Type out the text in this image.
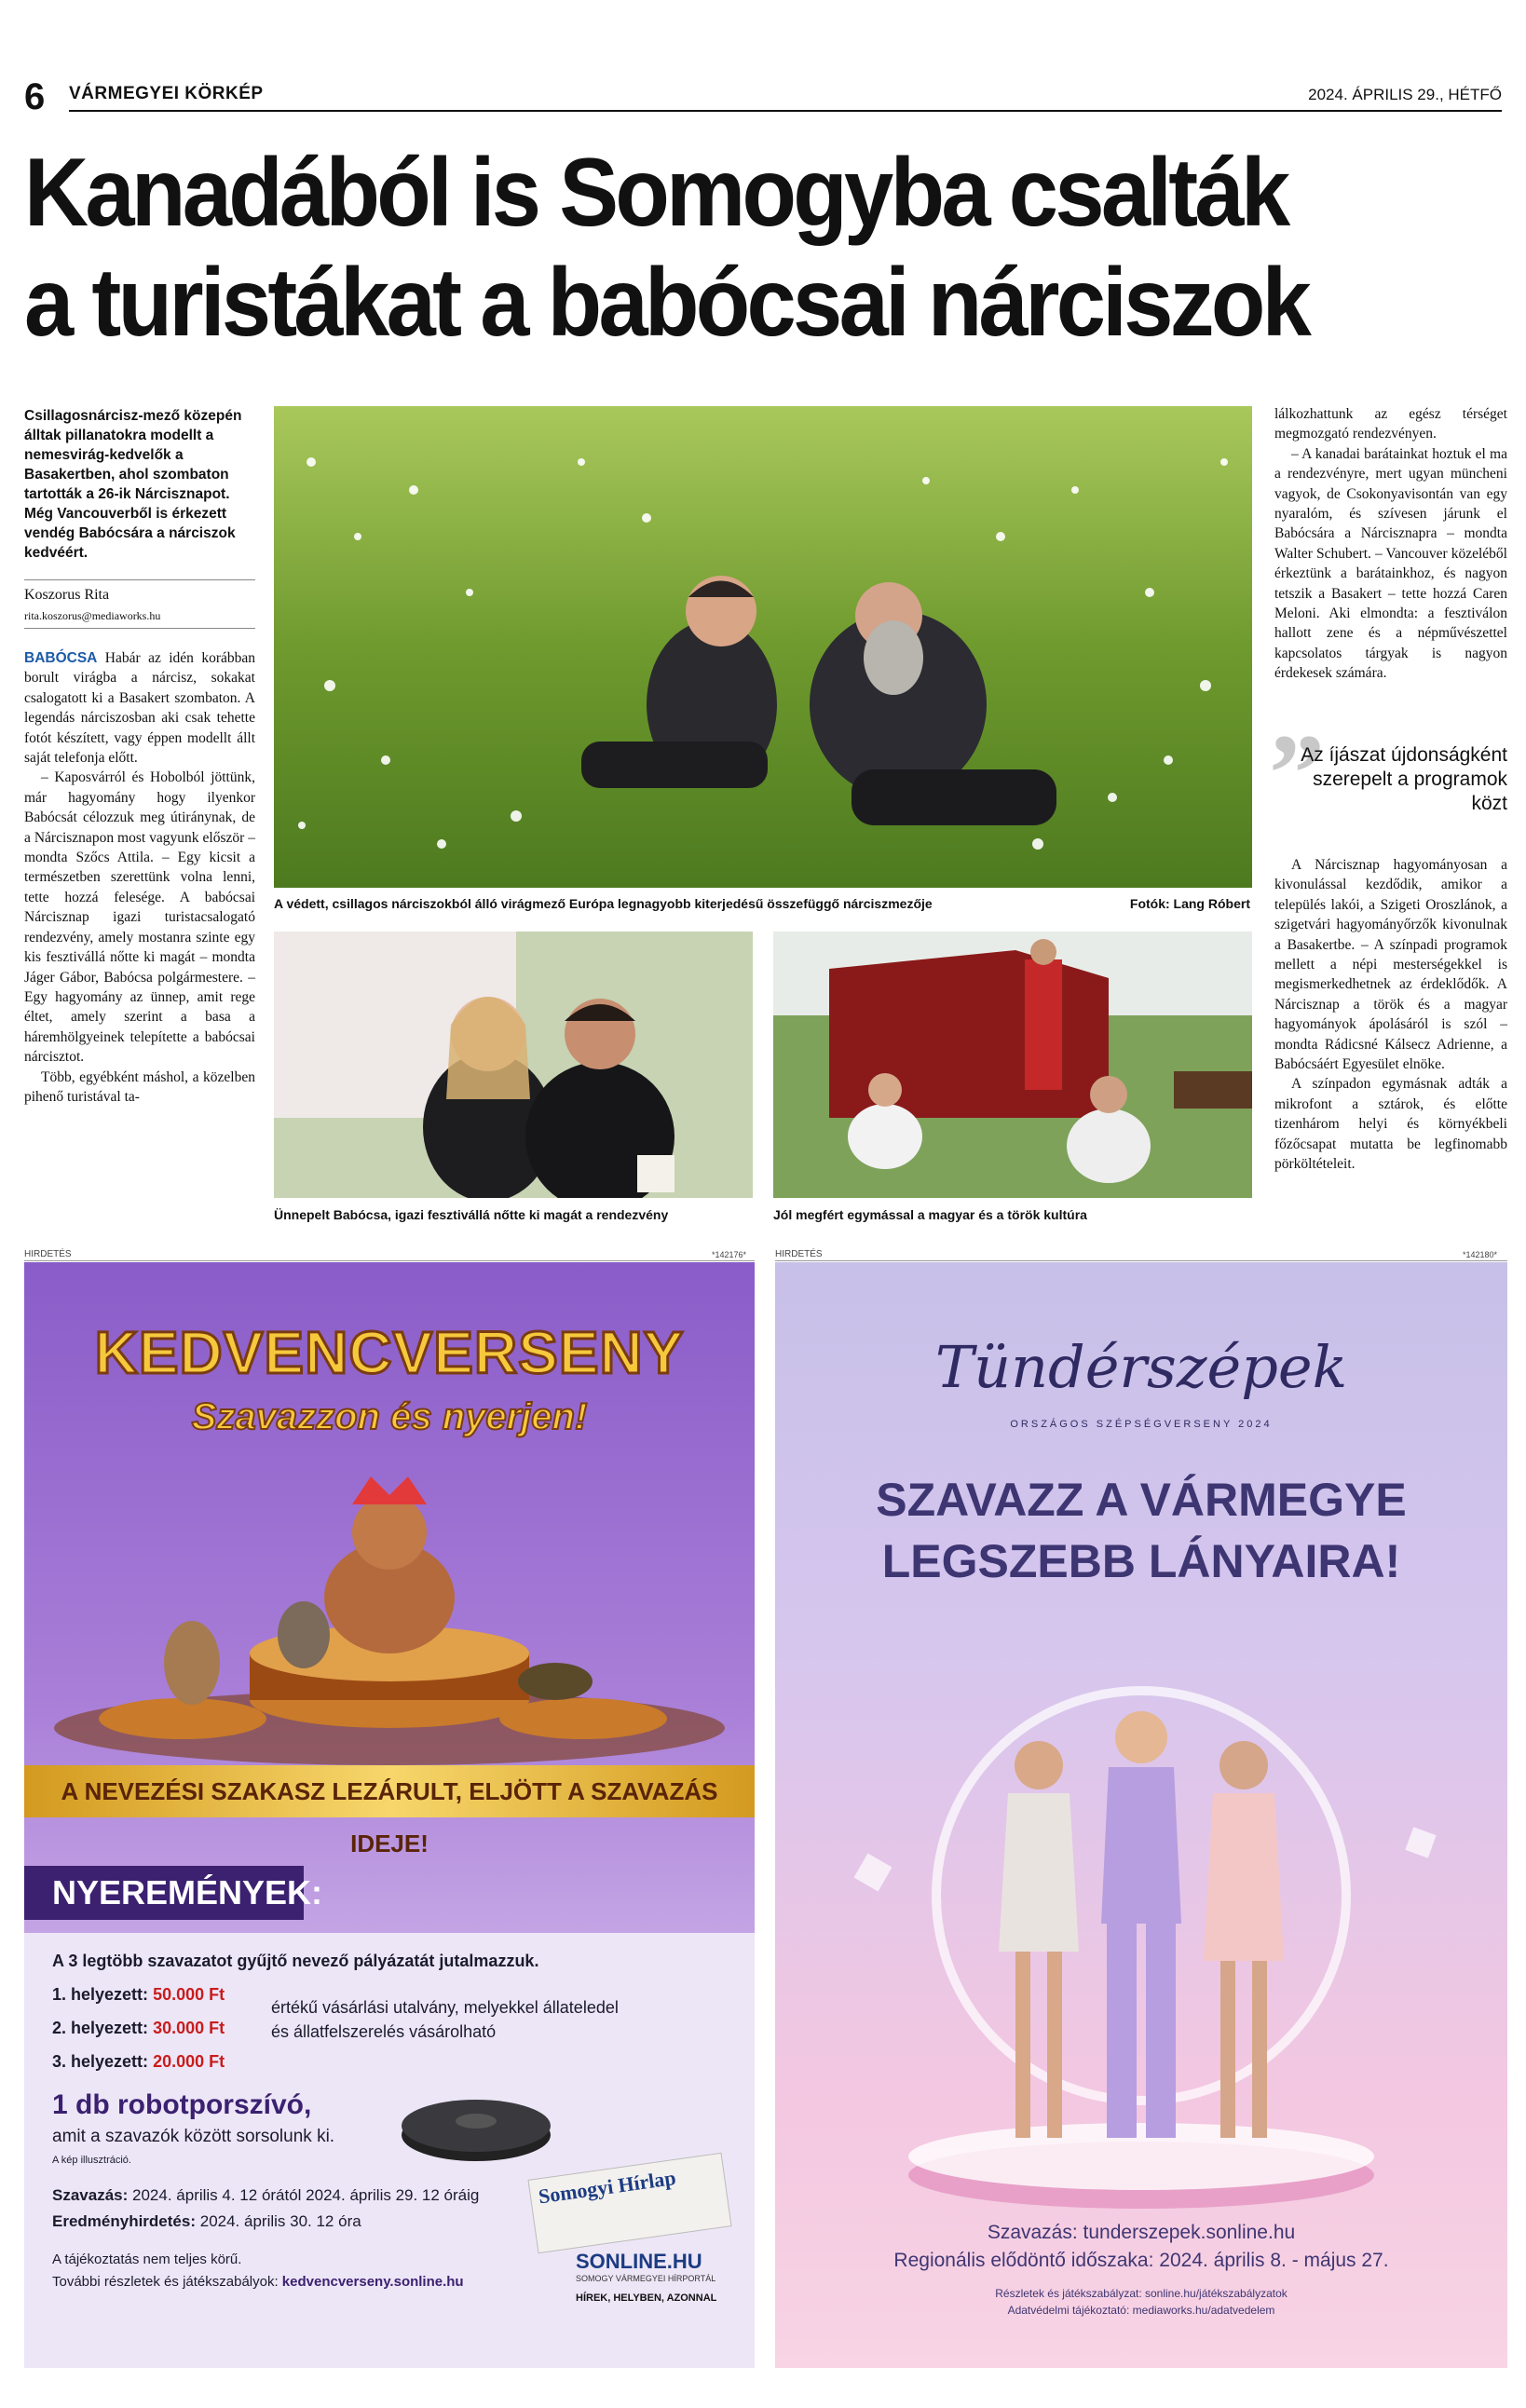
6 VÁRMEGYEI KÖRKÉP	2024. ÁPRILIS 29., HÉTFŐ
Kanadából is Somogyba csalták
a turistákat a babócsai nárciszok
Csillagosnárcisz-mező közepén álltak pillanatokra modellt a nemesvirág-kedvelők a Basakertben, ahol szombaton tartották a 26-ik Nárcisznapot. Még Vancouverből is érkezett vendég Babócsára a nárciszok kedvéért.
Koszorus Rita
rita.koszorus@mediaworks.hu

BABÓCSA Habár az idén korábban borult virágba a nárcisz, sokakat csalogatott ki a Basakert szombaton. A legendás nárciszosban aki csak tehette fotót készített, vagy éppen modellt állt saját telefonja előtt.

– Kaposvárról és Hobolból jöttünk, már hagyomány hogy ilyenkor Babócsát célozzuk meg útiránynak, de a Nárcisznapon most vagyunk először – mondta Szőcs Attila. – Egy kicsit a természetben szerettünk volna lenni, tette hozzá felesége. A babócsai Nárcisznap igazi turistacsalogató rendezvény, amely mostanra szinte egy kis fesztivállá nőtte ki magát – mondta Jáger Gábor, Babócsa polgármestere. – Egy hagyomány az ünnep, amit rege éltet, amely szerint a basa a háremhölgyeinek telepítette a babócsai nárcisztot.

Több, egyébként máshol, a közelben pihenő turistával ta-

A védett, csillagos nárciszokból álló virágmező Európa legnagyobb kiterjedésű összefüggő nárciszmezője	Fotók: Lang Róbert
Ünnepelt Babócsa, igazi fesztivállá nőtte ki magát a rendezvény	Jól megfért egymással a magyar és a török kultúra

lálkozhattunk az egész térséget megmozgató rendezvényen.

– A kanadai barátainkat hoztuk el ma a rendezvényre, mert ugyan müncheni vagyok, de Csokonyavisontán van egy nyaralóm, és szívesen járunk el Babócsára a Nárcisznapra – mondta Walter Schubert. – Vancouver közeléből érkeztünk a barátainkhoz, és nagyon tetszik a Basakert – tette hozzá Caren Meloni. Aki elmondta: a fesztiválon hallott zene és a népművészettel kapcsolatos tárgyak is nagyon érdekesek számára.

”
Az íjászat újdonságként szerepelt a programok közt

A Nárcisznap hagyományosan a kivonulással kezdődik, amikor a település lakói, a Szigeti Oroszlánok, a szigetvári hagyományőrzők kivonulnak a Basakertbe. – A színpadi programok mellett a népi mesterségekkel is megismerkedhetnek az érdeklődők. A Nárcisznap a török és a magyar hagyományok ápolásáról is szól –mondta Rádicsné Kálsecz Adrienne, a Babócsáért Egyesület elnöke.

A színpadon egymásnak adták a mikrofont a sztárok, és előtte tizenhárom helyi és környékbeli főzőcsapat mutatta be legfinomabb pörköltételeit.

HIRDETÉS	*142176*	HIRDETÉS	*142180*
KEDVENCVERSENY
Szavazzon és nyerjen!
A NEVEZÉSI SZAKASZ LEZÁRULT, ELJÖTT A SZAVAZÁS IDEJE!
NYEREMÉNYEK:
A 3 legtöbb szavazatot gyűjtő nevező pályázatát jutalmazzuk.
1. helyezett: 50.000 Ft
2. helyezett: 30.000 Ft
3. helyezett: 20.000 Ft
értékű vásárlási utalvány, melyekkel állateledel
és állatfelszerelés vásárolható
1 db robotporszívó,
amit a szavazók között sorsolunk ki.
A kép illusztráció.
Szavazás: 2024. április 4. 12 órától 2024. április 29. 12 óráig
Eredményhirdetés: 2024. április 30. 12 óra
A tájékoztatás nem teljes körű.
További részletek és játékszabályok: kedvencverseny.sonline.hu
Somogyi Hírlap
SONLINE.HU
SOMOGY VÁRMEGYEI HÍRPORTÁL
HÍREK, HELYBEN, AZONNAL
Tündérszépek
ORSZÁGOS SZÉPSÉGVERSENY 2024
SZAVAZZ A VÁRMEGYE
LEGSZEBB LÁNYAIRA!
Szavazás: tunderszepek.sonline.hu
Regionális elődöntő időszaka: 2024. április 8. - május 27.
Részletek és játékszabályzat: sonline.hu/játékszabályzatok
Adatvédelmi tájékoztató: mediaworks.hu/adatvedelem
